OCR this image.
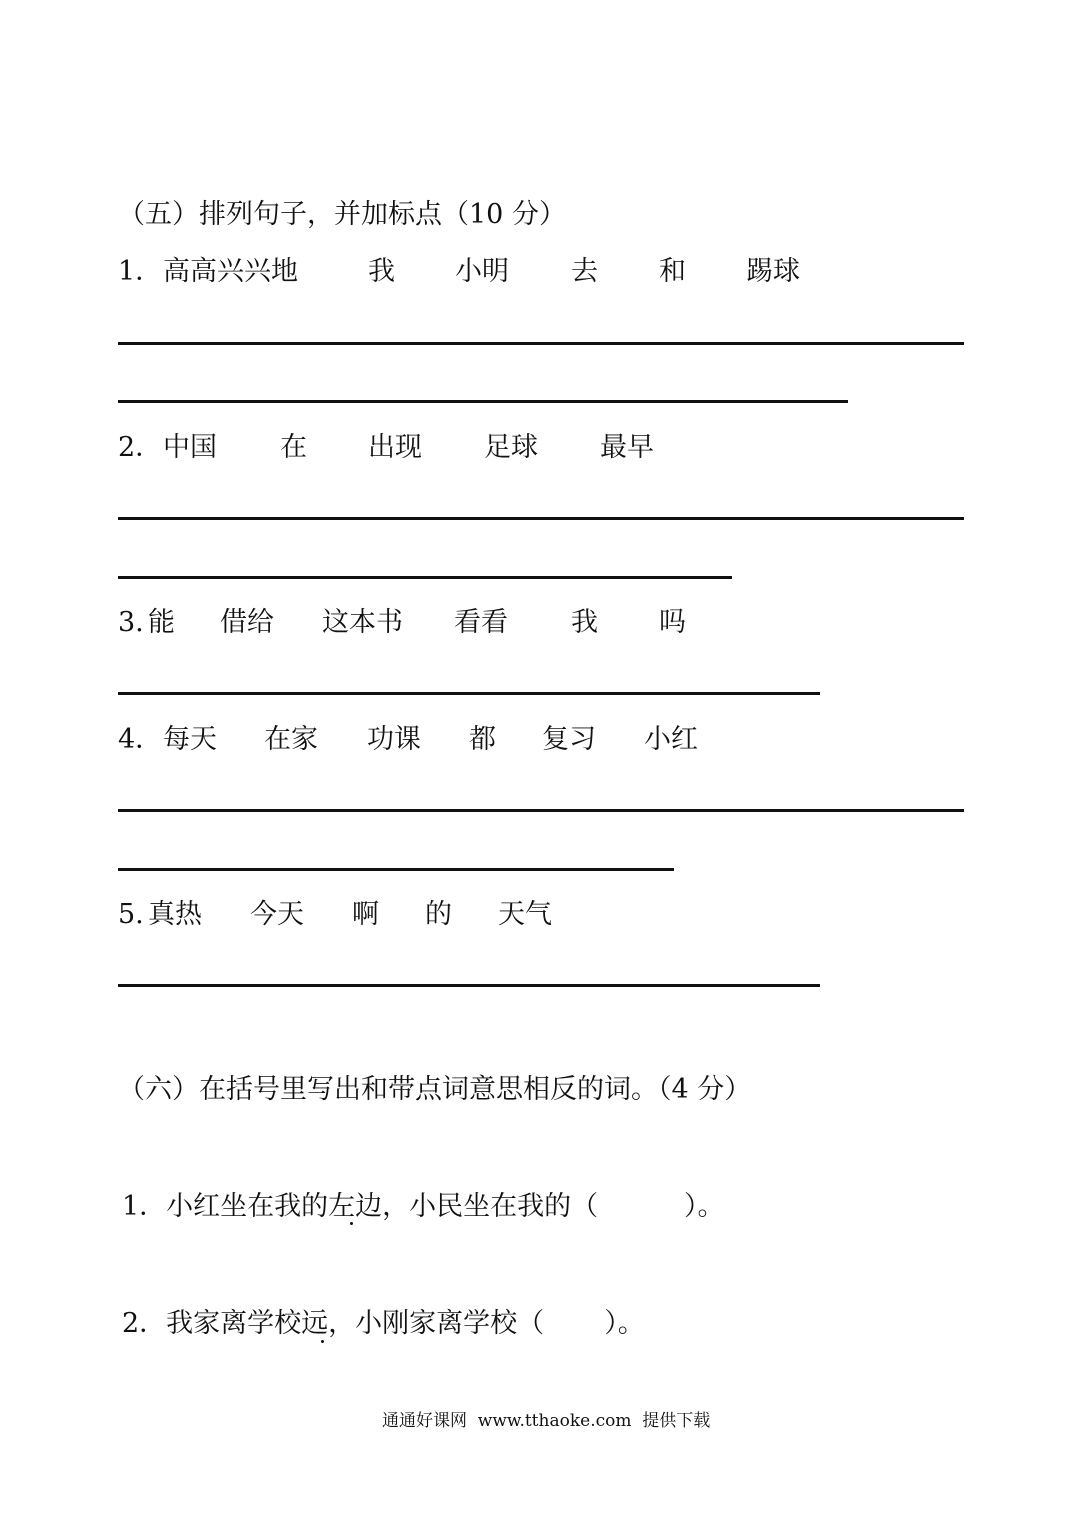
（五）排列句子，并加标点（10 分）
1． 高高兴兴地	我 小明 去 和 踢球
2． 中国 在 出现 足球 最早
3. 能 借给 这本书 看看 我 吗
4． 每天 在家 功课 都 复习 小红
5. 真热 今天 啊 的 天气
（六）在括号里写出和带点词意思相反的词。（4 分）
1．小红坐在我的左边，小民坐在我的（          ）。
2．我家离学校远，小刚家离学校（       ）。
通通好课网  www.tthaoke.com  提供下载
